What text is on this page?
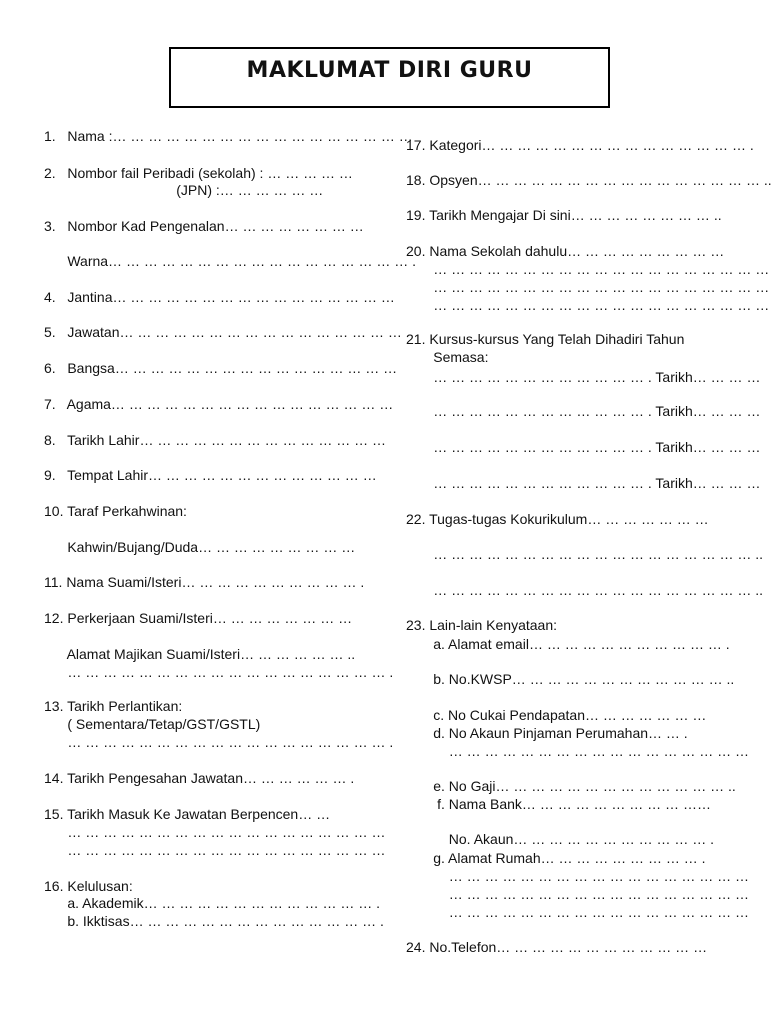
MAKLUMAT DIRI GURU
1.   Nama :… … … … … … … … … … … … … … … … …
2.   Nombor fail Peribadi (sekolah) : … … … … …
(JPN) :… … … … … …
3.   Nombor Kad Pengenalan… … … … … … … …
Warna… … … … … … … … … … … … … … … … … .
4.   Jantina… … … … … … … … … … … … … … … …
5.   Jawatan… … … … … … … … … … … … … … … …
6.   Bangsa… … … … … … … … … … … … … … … …
7.   Agama… … … … … … … … … … … … … … … …
8.   Tarikh Lahir… … … … … … … … … … … … … …
9.   Tempat Lahir… … … … … … … … … … … … …
10. Taraf Perkahwinan:
Kahwin/Bujang/Duda… … … … … … … … …
11. Nama Suami/Isteri… … … … … … … … … … .
12. Perkerjaan Suami/Isteri… … … … … … … …
Alamat Majikan Suami/Isteri… … … … … … ..
… … … … … … … … … … … … … … … … … … .
13. Tarikh Perlantikan:
( Sementara/Tetap/GST/GSTL)
… … … … … … … … … … … … … … … … … … .
14. Tarikh Pengesahan Jawatan… … … … … … .
15. Tarikh Masuk Ke Jawatan Berpencen… …
… … … … … … … … … … … … … … … … … …
… … … … … … … … … … … … … … … … … …
16. Kelulusan:
a. Akademik… … … … … … … … … … … … … .
b. Ikktisas… … … … … … … … … … … … … … .
17. Kategori… … … … … … … … … … … … … … … .
18. Opsyen… … … … … … … … … … … … … … … … ..
19. Tarikh Mengajar Di sini… … … … … … … … ..
20. Nama Sekolah dahulu… … … … … … … … …
… … … … … … … … … … … … … … … … … … …
… … … … … … … … … … … … … … … … … … …
… … … … … … … … … … … … … … … … … … …
21. Kursus-kursus Yang Telah Dihadiri Tahun
Semasa:
… … … … … … … … … … … … . Tarikh… … … …
… … … … … … … … … … … … . Tarikh… … … …
… … … … … … … … … … … … . Tarikh… … … …
… … … … … … … … … … … … . Tarikh… … … …
22. Tugas-tugas Kokurikulum… … … … … … …
… … … … … … … … … … … … … … … … … … ..
… … … … … … … … … … … … … … … … … … ..
23. Lain-lain Kenyataan:
a. Alamat email… … … … … … … … … … … .
b. No.KWSP… … … … … … … … … … … … ..
c. No Cukai Pendapatan… … … … … … …
d. No Akaun Pinjaman Perumahan… … .
… … … … … … … … … … … … … … … … …
e. No Gaji… … … … … … … … … … … … … ..
f. Nama Bank… … … … … … … … … ……
No. Akaun… … … … … … … … … … … .
g. Alamat Rumah… … … … … … … … … .
… … … … … … … … … … … … … … … … …
… … … … … … … … … … … … … … … … …
… … … … … … … … … … … … … … … … …
24. No.Telefon… … … … … … … … … … … …
